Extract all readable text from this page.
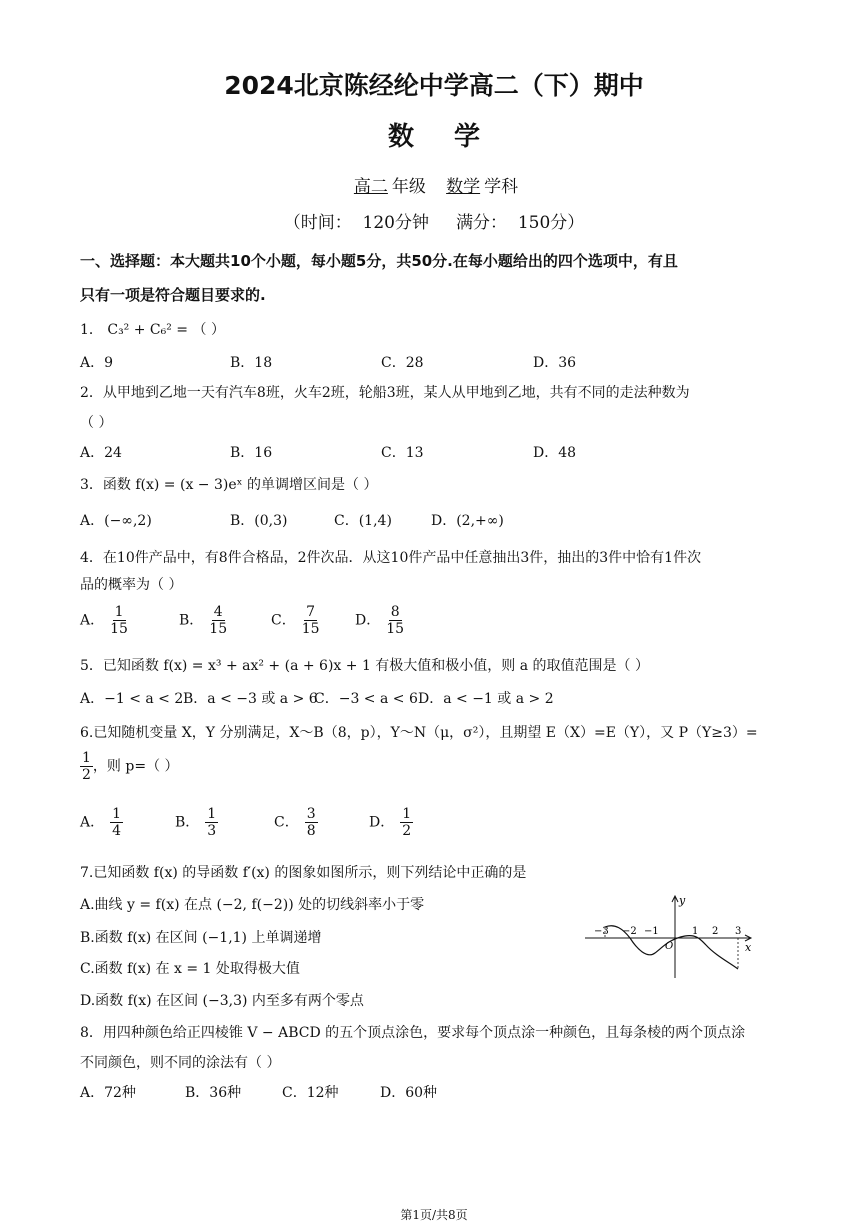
2024北京陈经纶中学高二（下）期中
数学
高二 年级 数学 学科
（时间：  120分钟     满分：  150分）
一、选择题：本大题共10个小题，每小题5分，共50分.在每小题给出的四个选项中，有且
只有一项是符合题目要求的.
1． C₃² + C₆² = （ ）
A．9	B．18	C．28	D．36
2．从甲地到乙地一天有汽车8班，火车2班，轮船3班，某人从甲地到乙地，共有不同的走法种数为
（ ）
A．24	B．16	C．13	D．48
3．函数 f(x) = (x − 3)eˣ 的单调增区间是（ ）
A．(−∞,2)	B．(0,3)	C．(1,4)	D．(2,+∞)
4．在10件产品中，有8件合格品，2件次品．从这10件产品中任意抽出3件，抽出的3件中恰有1件次
品的概率为（ ）
A． $\frac{1}{15}$	B． $\frac{4}{15}$	C． $\frac{7}{15}$	D． $\frac{8}{15}$
5．已知函数 f(x) = x³ + ax² + (a + 6)x + 1 有极大值和极小值，则 a 的取值范围是（ ）
A．−1 < a < 2 B．a < −3 或 a > 6
C．−3 < a < 6 D．a < −1 或 a > 2
6.已知随机变量 X，Y 分别满足，X～B（8，p），Y～N（μ，σ²），且期望 E（X）=E（Y），又 P（Y≥3）=
$\frac{1}{2}$ ，则 p=（ ）
A． $\frac{1}{4}$	B． $\frac{1}{3}$	C． $\frac{3}{8}$	D． $\frac{1}{2}$
7.已知函数 f(x) 的导函数 f′(x) 的图象如图所示，则下列结论中正确的是
A.曲线 y = f(x) 在点 (−2, f(−2)) 处的切线斜率小于零
B.函数 f(x) 在区间 (−1,1) 上单调递增
C.函数 f(x) 在 x = 1 处取得极大值
D.函数 f(x) 在区间 (−3,3) 内至多有两个零点
y
x
O
−3 −2 −1	1 2 3
8．用四种颜色给正四棱锥 V − ABCD 的五个顶点涂色，要求每个顶点涂一种颜色，且每条棱的两个顶点涂
不同颜色，则不同的涂法有（ ）
A．72种	B．36种	C．12种	D．60种
第1页/共8页
